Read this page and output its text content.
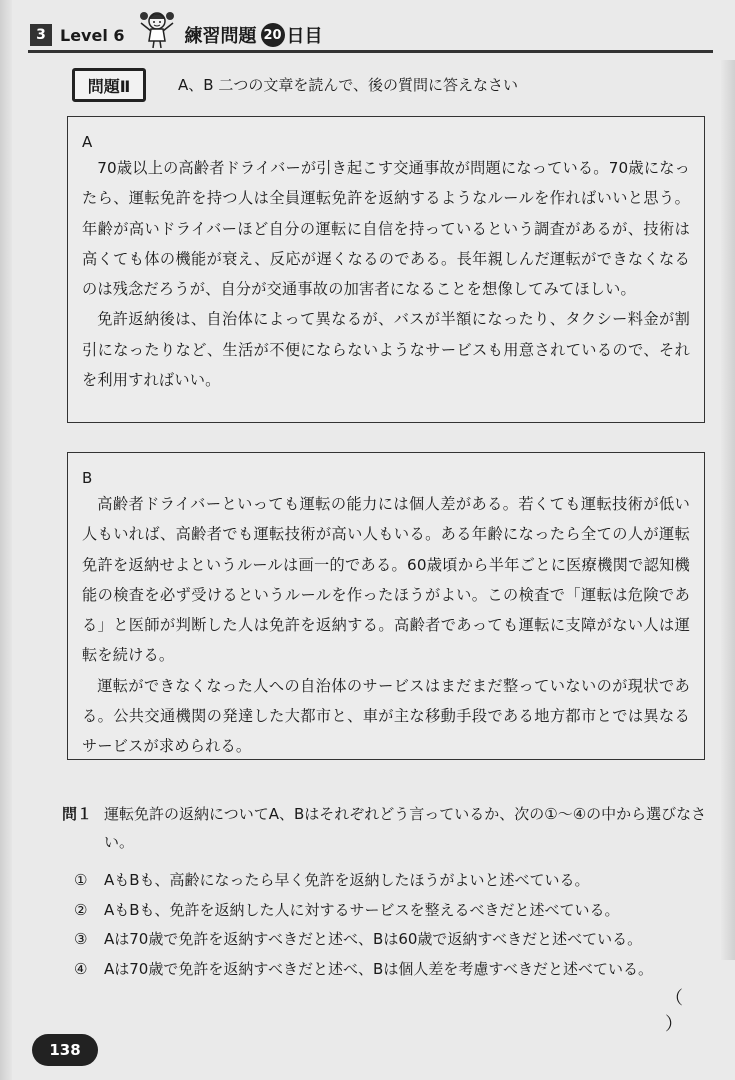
3 Level 6	練習問題 20 日目
問題Ⅱ	A、B 二つの文章を読んで、後の質問に答えなさい
A

70歳以上の高齢者ドライバーが引き起こす交通事故が問題になっている。70歳になったら、運転免許を持つ人は全員運転免許を返納するようなルールを作ればいいと思う。年齢が高いドライバーほど自分の運転に自信を持っているという調査があるが、技術は高くても体の機能が衰え、反応が遅くなるのである。長年親しんだ運転ができなくなるのは残念だろうが、自分が交通事故の加害者になることを想像してみてほしい。

免許返納後は、自治体によって異なるが、バスが半額になったり、タクシー料金が割引になったりなど、生活が不便にならないようなサービスも用意されているので、それを利用すればいい。

B

高齢者ドライバーといっても運転の能力には個人差がある。若くても運転技術が低い人もいれば、高齢者でも運転技術が高い人もいる。ある年齢になったら全ての人が運転免許を返納せよというルールは画一的である。60歳頃から半年ごとに医療機関で認知機能の検査を必ず受けるというルールを作ったほうがよい。この検査で「運転は危険である」と医師が判断した人は免許を返納する。高齢者であっても運転に支障がない人は運転を続ける。

運転ができなくなった人への自治体のサービスはまだまだ整っていないのが現状である。公共交通機関の発達した大都市と、車が主な移動手段である地方都市とでは異なるサービスが求められる。

問１ 運転免許の返納についてA、Bはそれぞれどう言っているか、次の①〜④の中から選びなさい。
①	AもBも、高齢になったら早く免許を返納したほうがよいと述べている。
②	AもBも、免許を返納した人に対するサービスを整えるべきだと述べている。
③	Aは70歳で免許を返納すべきだと述べ、Bは60歳で返納すべきだと述べている。
④	Aは70歳で免許を返納すべきだと述べ、Bは個人差を考慮すべきだと述べている。
（ ）
138
